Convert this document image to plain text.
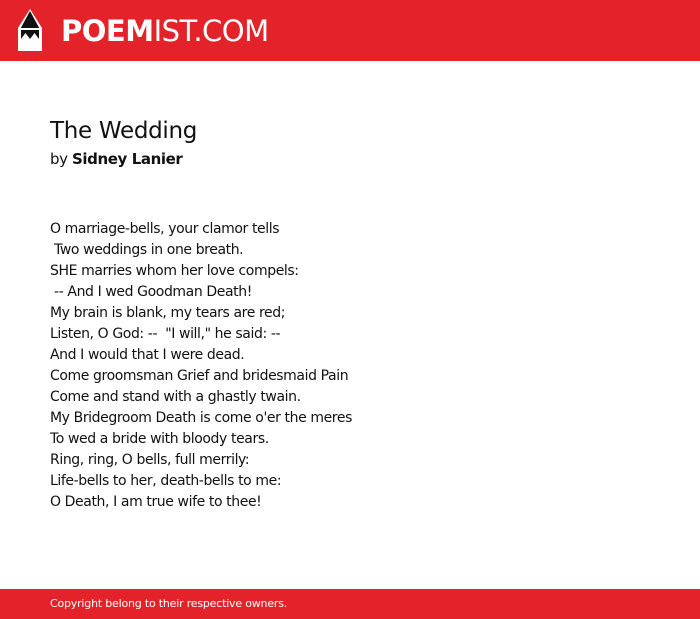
POEMIST.COM
The Wedding
by Sidney Lanier
O marriage-bells, your clamor tells
Two weddings in one breath.
SHE marries whom her love compels:
-- And I wed Goodman Death!
My brain is blank, my tears are red;
Listen, O God: --  "I will," he said: --
And I would that I were dead.
Come groomsman Grief and bridesmaid Pain
Come and stand with a ghastly twain.
My Bridegroom Death is come o'er the meres
To wed a bride with bloody tears.
Ring, ring, O bells, full merrily:
Life-bells to her, death-bells to me:
O Death, I am true wife to thee!
Copyright belong to their respective owners.
